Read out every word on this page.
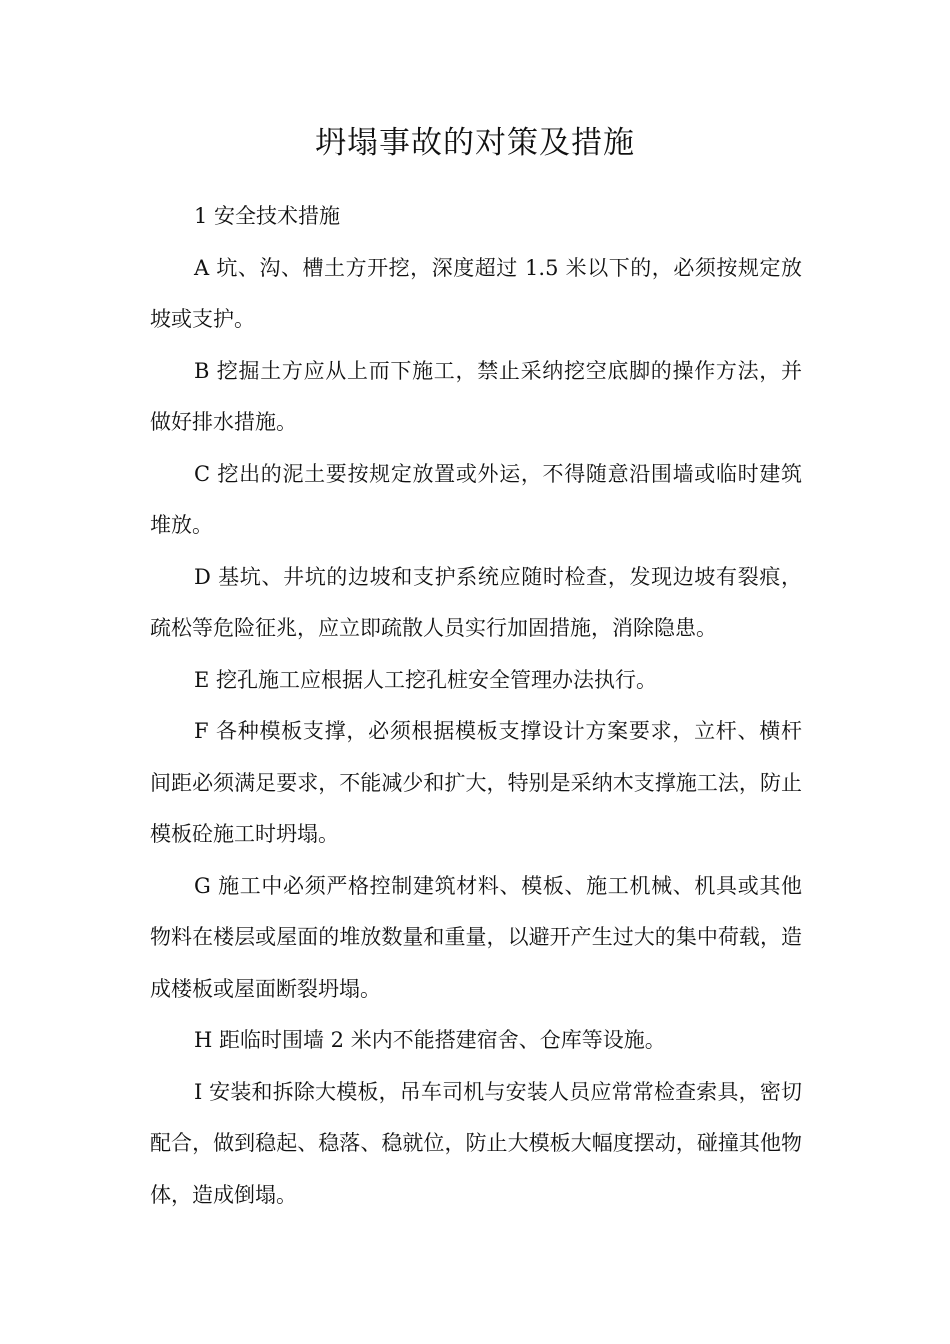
坍塌事故的对策及措施

1 安全技术措施

A 坑、沟、槽土方开挖，深度超过 1.5 米以下的，必须按规定放坡或支护。

B 挖掘土方应从上而下施工，禁止采纳挖空底脚的操作方法，并做好排水措施。

C 挖出的泥土要按规定放置或外运，不得随意沿围墙或临时建筑堆放。

D 基坑、井坑的边坡和支护系统应随时检查，发现边坡有裂痕，疏松等危险征兆，应立即疏散人员实行加固措施，消除隐患。

E 挖孔施工应根据人工挖孔桩安全管理办法执行。

F 各种模板支撑，必须根据模板支撑设计方案要求，立杆、横杆间距必须满足要求，不能减少和扩大，特别是采纳木支撑施工法，防止模板砼施工时坍塌。

G 施工中必须严格控制建筑材料、模板、施工机械、机具或其他物料在楼层或屋面的堆放数量和重量，以避开产生过大的集中荷载，造成楼板或屋面断裂坍塌。

H 距临时围墙 2 米内不能搭建宿舍、仓库等设施。

I 安装和拆除大模板，吊车司机与安装人员应常常检查索具，密切配合，做到稳起、稳落、稳就位，防止大模板大幅度摆动，碰撞其他物体，造成倒塌。
